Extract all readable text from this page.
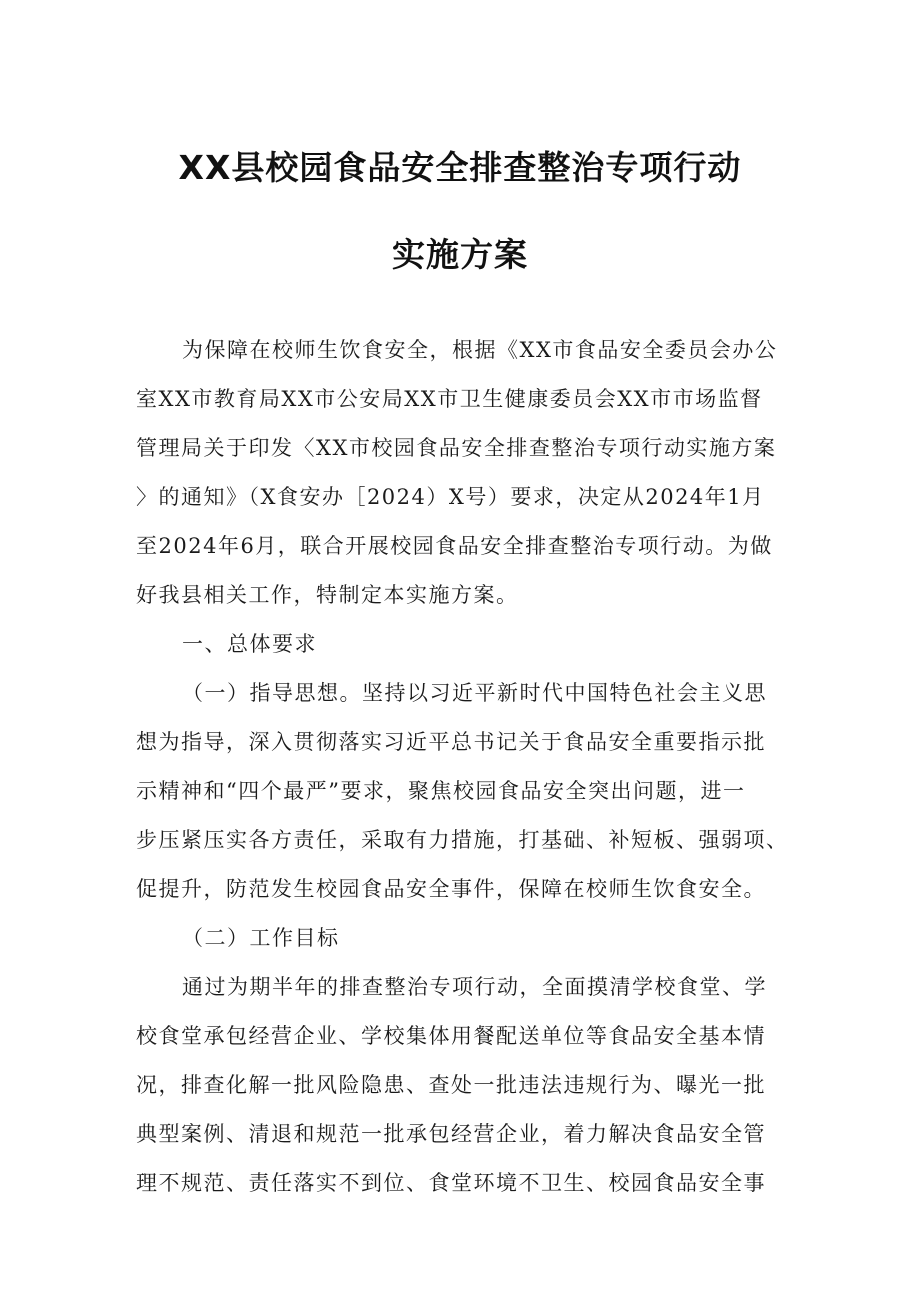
XX县校园食品安全排查整治专项行动
实施方案
为保障在校师生饮食安全，根据《XX市食品安全委员会办公
室XX市教育局XX市公安局XX市卫生健康委员会XX市市场监督
管理局关于印发〈XX市校园食品安全排查整治专项行动实施方案
〉的通知》（X食安办［2024）X号）要求，决定从2024年1月
至2024年6月，联合开展校园食品安全排查整治专项行动。为做
好我县相关工作，特制定本实施方案。
一、总体要求
（一）指导思想。坚持以习近平新时代中国特色社会主义思
想为指导，深入贯彻落实习近平总书记关于食品安全重要指示批
示精神和“四个最严”要求，聚焦校园食品安全突出问题，进一
步压紧压实各方责任，采取有力措施，打基础、补短板、强弱项、
促提升，防范发生校园食品安全事件，保障在校师生饮食安全。
（二）工作目标
通过为期半年的排查整治专项行动，全面摸清学校食堂、学
校食堂承包经营企业、学校集体用餐配送单位等食品安全基本情
况，排查化解一批风险隐患、查处一批违法违规行为、曝光一批
典型案例、清退和规范一批承包经营企业，着力解决食品安全管
理不规范、责任落实不到位、食堂环境不卫生、校园食品安全事
